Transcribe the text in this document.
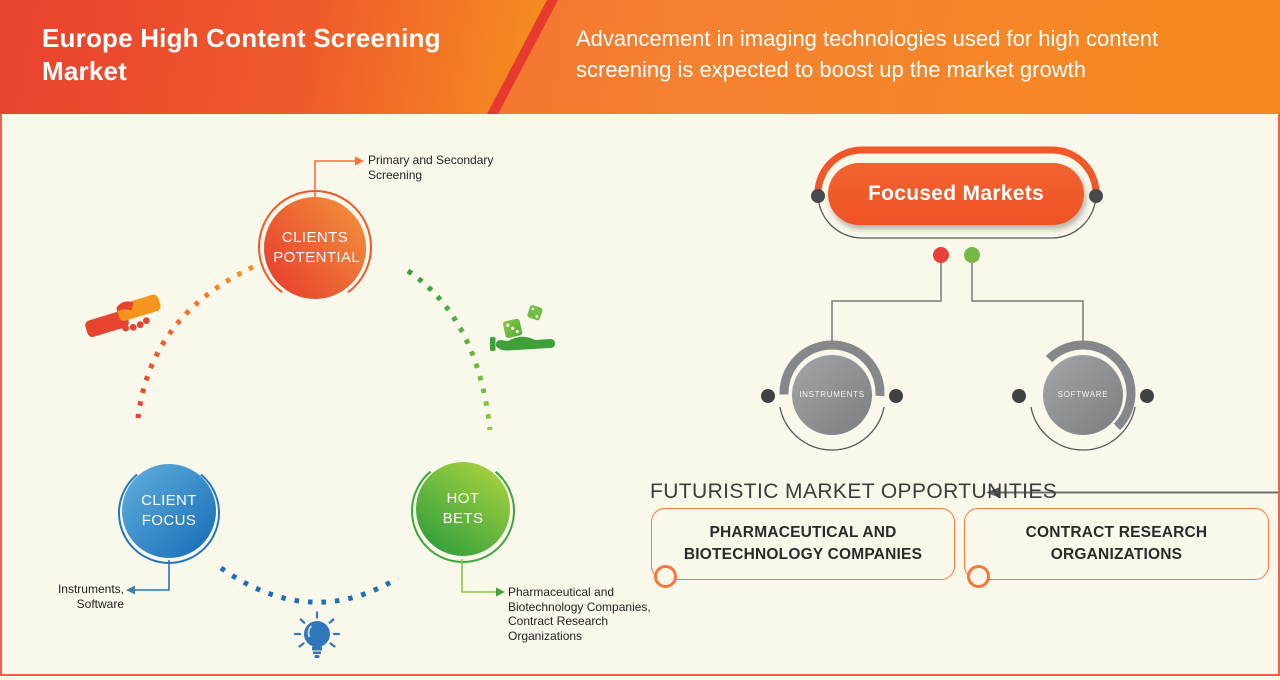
Europe High Content Screening Market
Advancement in imaging technologies used for high content screening is expected to boost up the market growth
CLIENTS POTENTIAL
CLIENT FOCUS
HOT BETS
Primary and Secondary Screening
Instruments, Software
Pharmaceutical and Biotechnology Companies, Contract Research Organizations
Focused Markets
INSTRUMENTS	SOFTWARE
FUTURISTIC MARKET OPPORTUNITIES
PHARMACEUTICAL AND BIOTECHNOLOGY COMPANIES
CONTRACT RESEARCH ORGANIZATIONS
